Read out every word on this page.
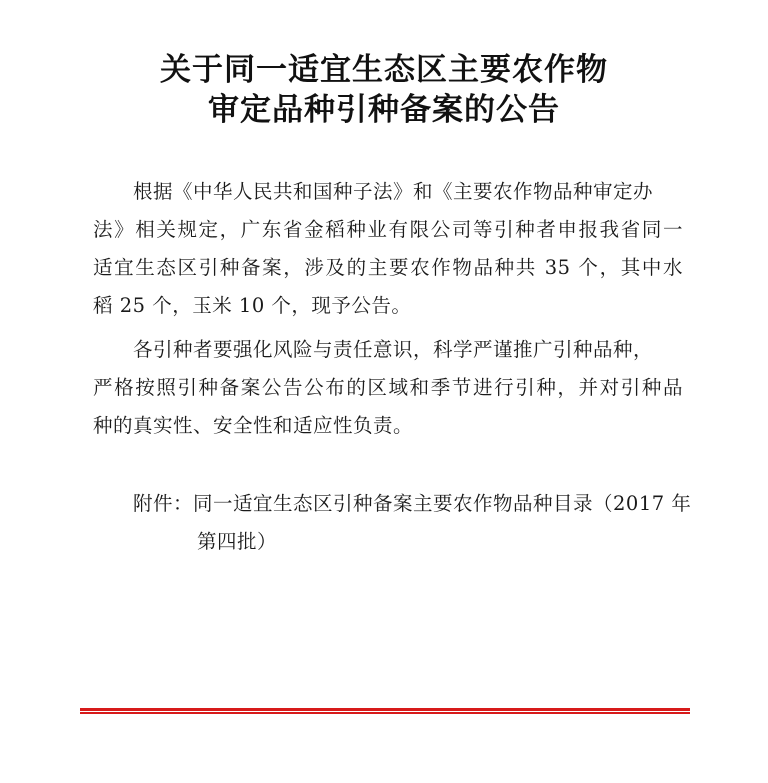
关于同一适宜生态区主要农作物
审定品种引种备案的公告
根据《中华人民共和国种子法》和《主要农作物品种审定办
法》相关规定，广东省金稻种业有限公司等引种者申报我省同一
适宜生态区引种备案，涉及的主要农作物品种共 35 个，其中水
稻 25 个，玉米 10 个，现予公告。
各引种者要强化风险与责任意识，科学严谨推广引种品种，
严格按照引种备案公告公布的区域和季节进行引种，并对引种品
种的真实性、安全性和适应性负责。
附件：同一适宜生态区引种备案主要农作物品种目录（2017 年
第四批）
